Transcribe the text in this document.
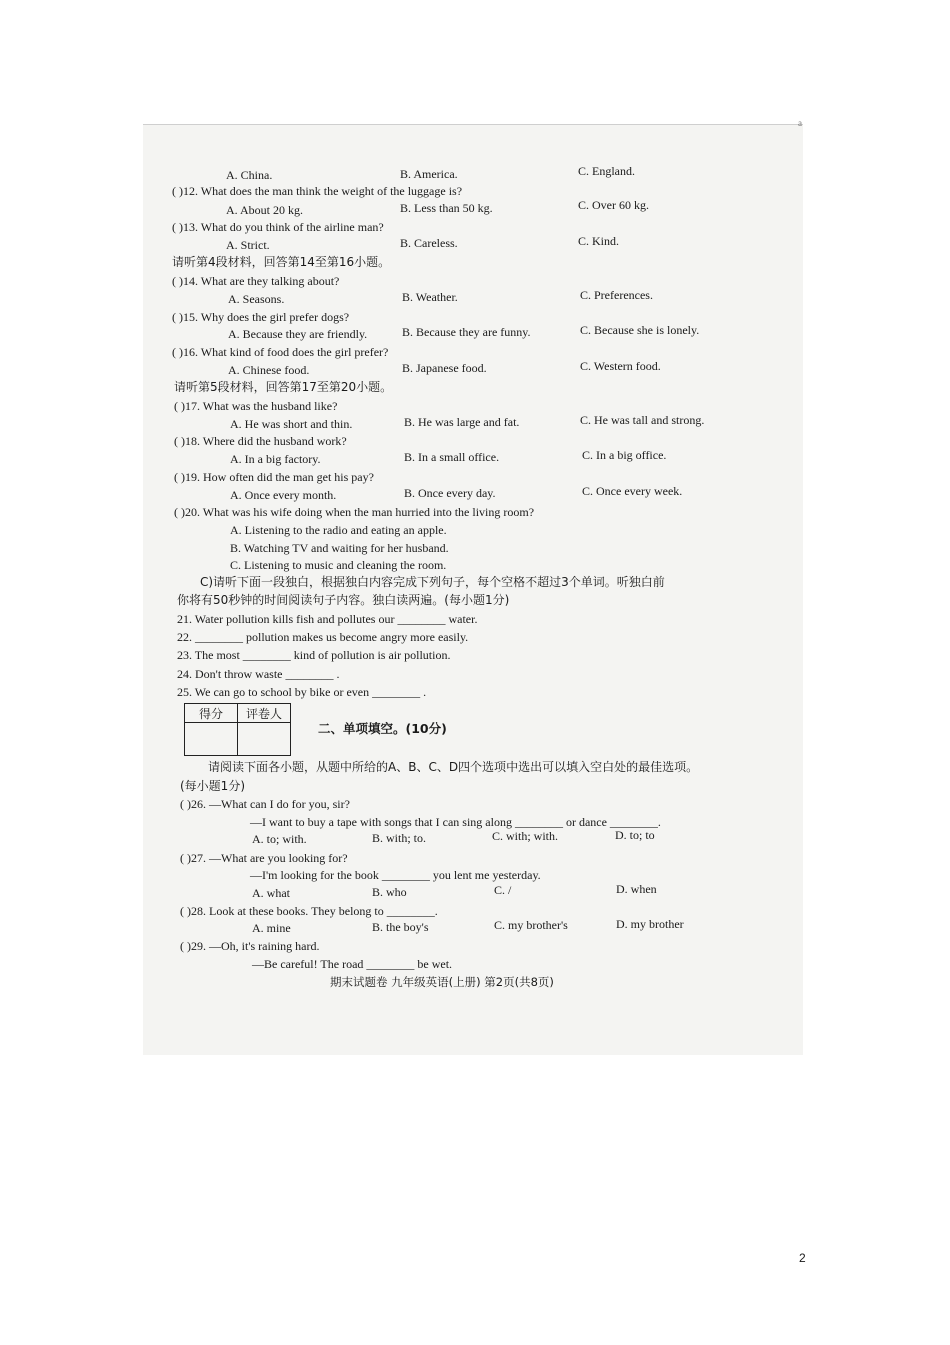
a
A. China.	B. America.	C. England.
( )12. What does the man think the weight of the luggage is?
A. About 20 kg.	B. Less than 50 kg.	C. Over 60 kg.
( )13. What do you think of the airline man?
A. Strict.	B. Careless.	C. Kind.
请听第4段材料，回答第14至第16小题。
( )14. What are they talking about?
A. Seasons.	B. Weather.	C. Preferences.
( )15. Why does the girl prefer dogs?
A. Because they are friendly.	B. Because they are funny.	C. Because she is lonely.
( )16. What kind of food does the girl prefer?
A. Chinese food.	B. Japanese food.	C. Western food.
请听第5段材料，回答第17至第20小题。
( )17. What was the husband like?
A. He was short and thin.	B. He was large and fat.	C. He was tall and strong.
( )18. Where did the husband work?
A. In a big factory.	B. In a small office.	C. In a big office.
( )19. How often did the man get his pay?
A. Once every month.	B. Once every day.	C. Once every week.
( )20. What was his wife doing when the man hurried into the living room?
A. Listening to the radio and eating an apple.
B. Watching TV and waiting for her husband.
C. Listening to music and cleaning the room.
C)请听下面一段独白，根据独白内容完成下列句子，每个空格不超过3个单词。听独白前
你将有50秒钟的时间阅读句子内容。独白读两遍。(每小题1分)
21. Water pollution kills fish and pollutes our ________ water.
22. ________ pollution makes us become angry more easily.
23. The most ________ kind of pollution is air pollution.
24. Don't throw waste ________ .
25. We can go to school by bike or even ________ .
请阅读下面各小题，从题中所给的A、B、C、D四个选项中选出可以填入空白处的最佳选项。
(每小题1分)
( )26. —What can I do for you, sir?
—I want to buy a tape with songs that I can sing along ________ or dance ________.
A. to; with.	B. with; to.	C. with; with.	D. to; to
( )27. —What are you looking for?
—I'm looking for the book ________ you lent me yesterday.
A. what	B. who	C. /	D. when
( )28. Look at these books. They belong to ________.
A. mine	B. the boy's	C. my brother's	D. my brother
( )29. —Oh, it's raining hard.
—Be careful! The road ________ be wet.
得分	评卷人

二、单项填空。(10分)
期末试题卷 九年级英语(上册) 第2页(共8页)
2
